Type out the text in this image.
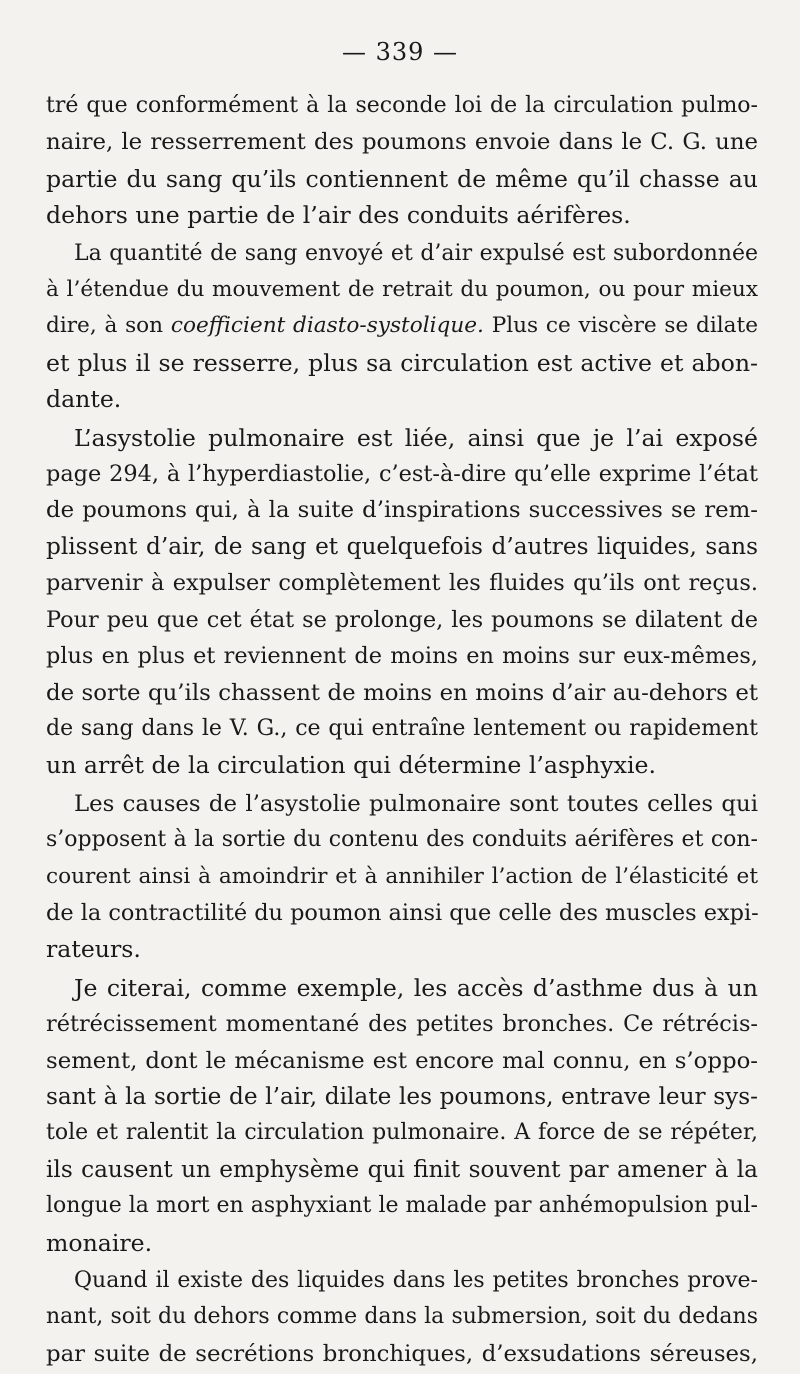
— 339 —
tré que conformément à la seconde loi de la circulation pulmo-
naire, le resserrement des poumons envoie dans le C. G. une
partie du sang qu’ils contiennent de même qu’il chasse au
dehors une partie de l’air des conduits aérifères.
La quantité de sang envoyé et d’air expulsé est subordonnée
à l’étendue du mouvement de retrait du poumon, ou pour mieux
dire, à son coefficient diasto-systolique. Plus ce viscère se dilate
et plus il se resserre, plus sa circulation est active et abon-
dante.
L’asystolie pulmonaire est liée, ainsi que je l’ai exposé
page 294, à l’hyperdiastolie, c’est-à-dire qu’elle exprime l’état
de poumons qui, à la suite d’inspirations successives se rem-
plissent d’air, de sang et quelquefois d’autres liquides, sans
parvenir à expulser complètement les fluides qu’ils ont reçus.
Pour peu que cet état se prolonge, les poumons se dilatent de
plus en plus et reviennent de moins en moins sur eux-mêmes,
de sorte qu’ils chassent de moins en moins d’air au-dehors et
de sang dans le V. G., ce qui entraîne lentement ou rapidement
un arrêt de la circulation qui détermine l’asphyxie.
Les causes de l’asystolie pulmonaire sont toutes celles qui
s’opposent à la sortie du contenu des conduits aérifères et con-
courent ainsi à amoindrir et à annihiler l’action de l’élasticité et
de la contractilité du poumon ainsi que celle des muscles expi-
rateurs.
Je citerai, comme exemple, les accès d’asthme dus à un
rétrécissement momentané des petites bronches. Ce rétrécis-
sement, dont le mécanisme est encore mal connu, en s’oppo-
sant à la sortie de l’air, dilate les poumons, entrave leur sys-
tole et ralentit la circulation pulmonaire. A force de se répéter,
ils causent un emphysème qui finit souvent par amener à la
longue la mort en asphyxiant le malade par anhémopulsion pul-
monaire.
Quand il existe des liquides dans les petites bronches prove-
nant, soit du dehors comme dans la submersion, soit du dedans
par suite de secrétions bronchiques, d’exsudations séreuses,
